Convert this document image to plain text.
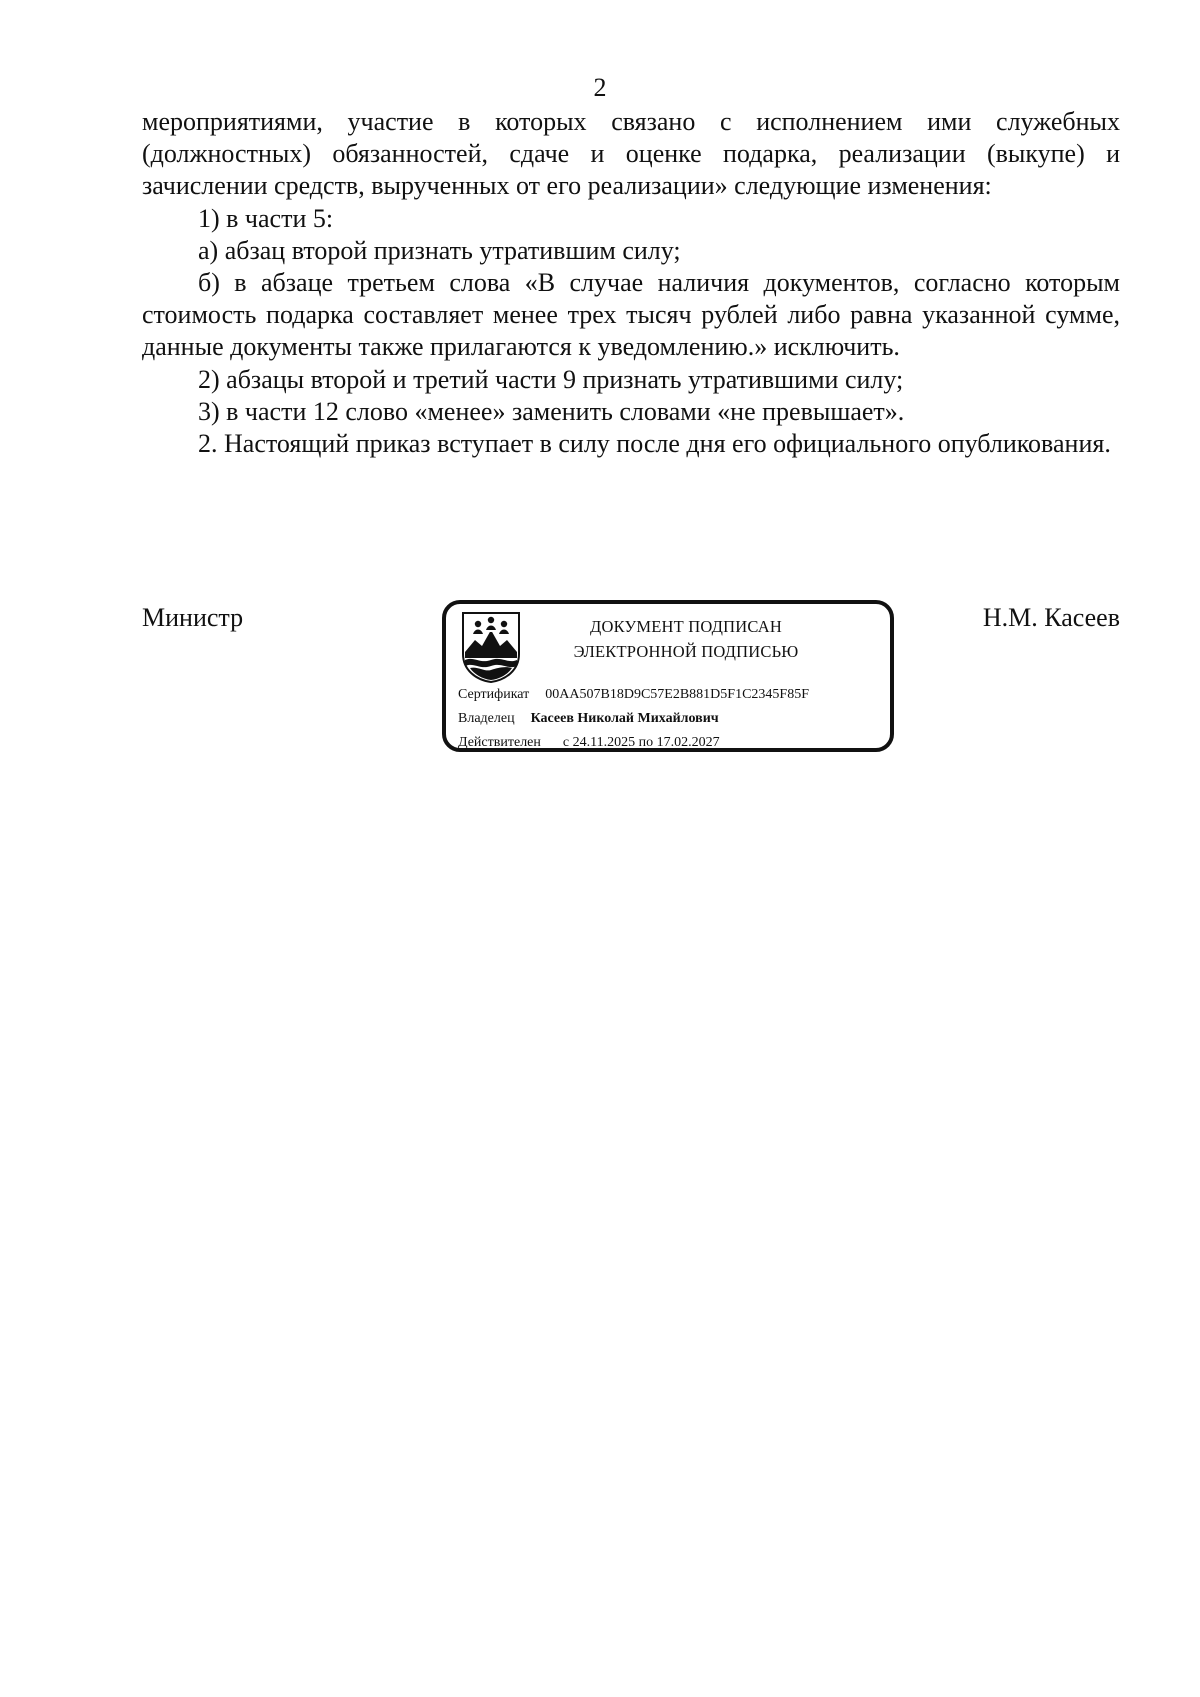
2

мероприятиями, участие в которых связано с исполнением ими служебных (должностных) обязанностей, сдаче и оценке подарка, реализации (выкупе) и зачислении средств, вырученных от его реализации» следующие изменения:

1) в части 5:

а) абзац второй признать утратившим силу;

б) в абзаце третьем слова «В случае наличия документов, согласно которым стоимость подарка составляет менее трех тысяч рублей либо равна указанной сумме, данные документы также прилагаются к уведомлению.» исключить.

2) абзацы второй и третий части 9 признать утратившими силу;

3) в части 12 слово «менее» заменить словами «не превышает».

2. Настоящий приказ вступает в силу после дня его официального опубликования.

Министр	ДОКУМЕНТ ПОДПИСАН
ЭЛЕКТРОННОЙ ПОДПИСЬЮ
Сертификат 00AA507B18D9C57E2B881D5F1C2345F85F
Владелец Касеев Николай Михайлович
Действителен с 24.11.2025 по 17.02.2027
Н.М. Касеев
